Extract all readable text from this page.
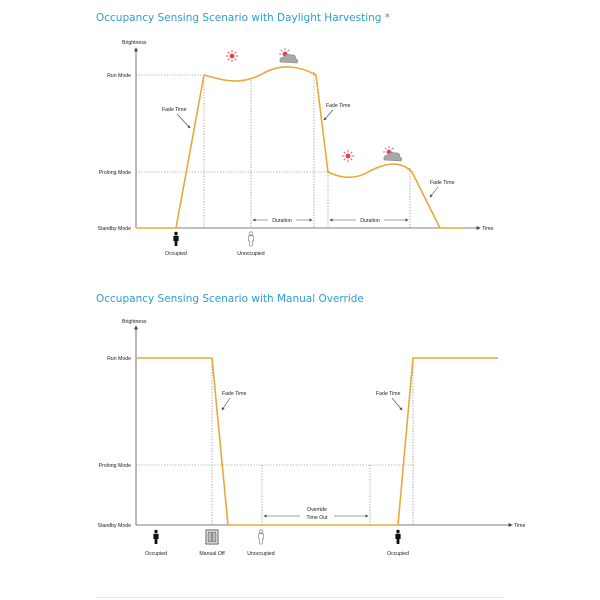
Occupancy Sensing Scenario with Daylight Harvesting *
Occupancy Sensing Scenario with Manual Override
Brightness
Time
Run Mode
Prolong Mode
Standby Mode
Fade Time
Fade Time
Fade Time
Duration	Duration
Occupied	Unoccupied
Brightness
Time
Run Mode
Prolong Mode
Standby Mode
Fade Time	Fade Time
Override
Time Out
Occupied	Manual Off	Unoccupied	Occupied
